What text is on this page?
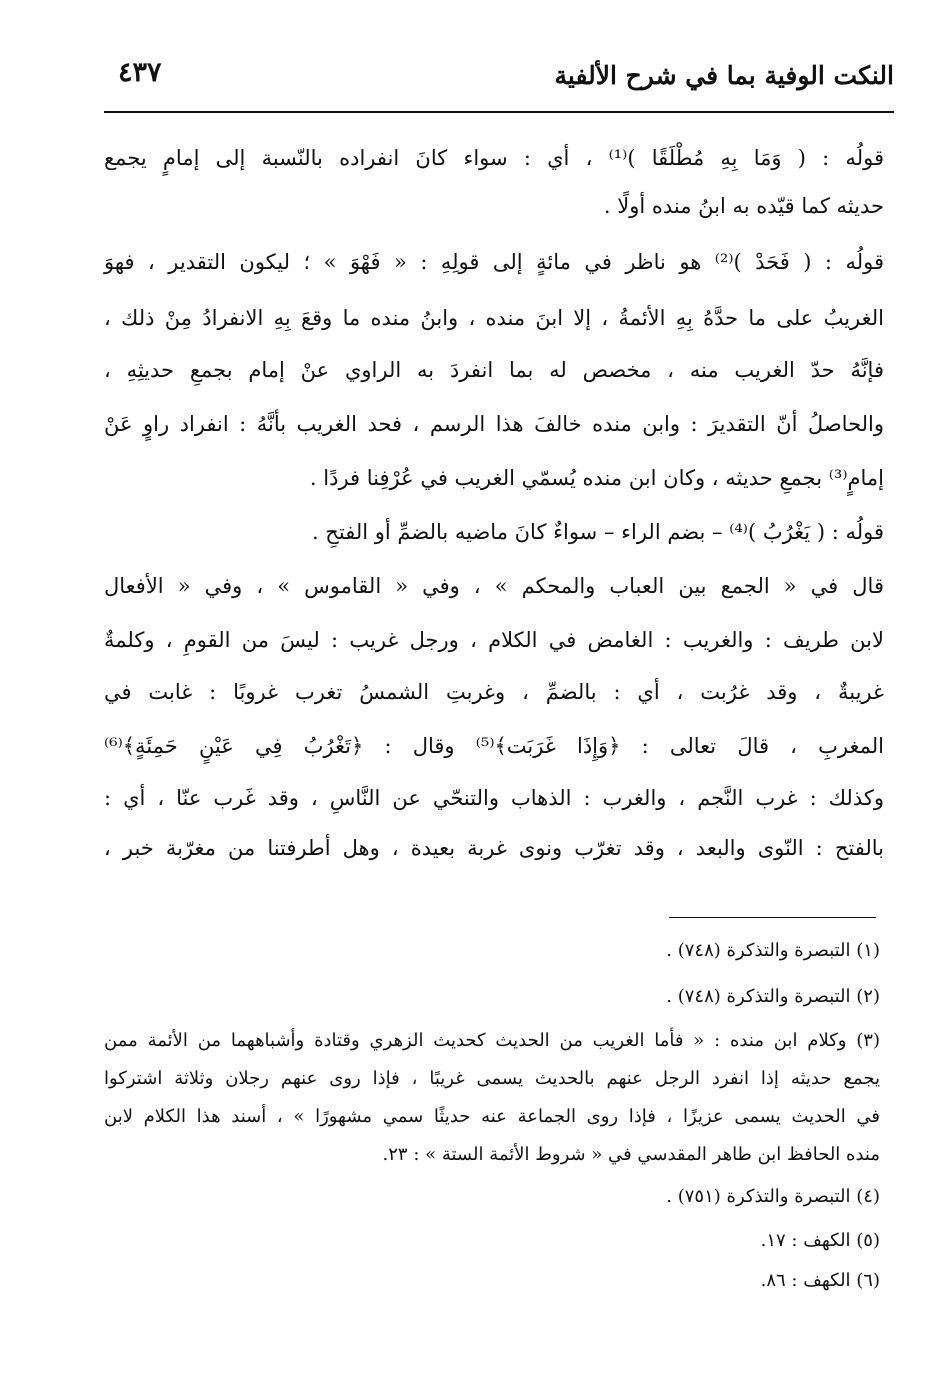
النكت الوفية بما في شرح الألفية
٤٣٧
قولُه : ( وَمَا بِهِ مُطْلَقًا )⁽¹⁾ ، أي : سواء كانَ انفراده بالنّسبة إلى إمامٍ يجمع
حديثه كما قيّده به ابنُ منده أولًا .
قولُه : ( فَحَدْ )⁽²⁾ هو ناظر في مائةٍ إلى قولِهِ : « فَهْوَ » ؛ ليكون التقدير ، فهوَ
الغريبُ على ما حدَّهُ بِهِ الأئمةُ ، إلا ابنَ منده ، وابنُ منده ما وقعَ بِهِ الانفرادُ مِنْ ذلك ،
فإنَّهُ حدّ الغريب منه ، مخصص له بما انفردَ به الراوي عنْ إمام بجمعِ حديثِهِ ،
والحاصلُ أنّ التقديرَ : وابن منده خالفَ هذا الرسم ، فحد الغريب بأنَّهُ : انفراد راوٍ عَنْ
إمامٍ⁽³⁾ بجمعِ حديثه ، وكان ابن منده يُسمّي الغريب في عُرْفِنا فردًا .
قولُه : ( يَغْرُبُ )⁽⁴⁾ – بضم الراء – سواءٌ كانَ ماضيه بالضمِّ أو الفتحِ .
قال في « الجمع بين العباب والمحكم » ، وفي « القاموس » ، وفي « الأفعال
لابن طريف : والغريب : الغامض في الكلام ، ورجل غريب : ليسَ من القومِ ، وكلمةٌ
غريبةٌ ، وقد غرُبت ، أي : بالضمِّ ، وغربتِ الشمسُ تغرب غروبًا : غابت في
المغربِ ، قالَ تعالى : ﴿وَإِذَا غَرَبَت﴾⁽⁵⁾ وقال : ﴿تَغْرُبُ فِي عَيْنٍ حَمِئَةٍ﴾⁽⁶⁾
وكذلك : غرب النَّجم ، والغرب : الذهاب والتنحّي عن النَّاسِ ، وقد غَرب عنّا ، أي :
بالفتح : النّوى والبعد ، وقد تغرّب ونوى غربة بعيدة ، وهل أطرفتنا من مغرّبة خبر ،
(١) التبصرة والتذكرة (٧٤٨) .
(٢) التبصرة والتذكرة (٧٤٨) .
(٣) وكلام ابن منده : « فأما الغريب من الحديث كحديث الزهري وقتادة وأشباههما من الأئمة ممن
يجمع حديثه إذا انفرد الرجل عنهم بالحديث يسمى غريبًا ، فإذا روى عنهم رجلان وثلاثة اشتركوا
في الحديث يسمى عزيزًا ، فإذا روى الجماعة عنه حديثًا سمي مشهورًا » ، أسند هذا الكلام لابن
منده الحافظ ابن طاهر المقدسي في « شروط الأئمة الستة » : ٢٣.
(٤) التبصرة والتذكرة (٧٥١) .
(٥) الكهف : ١٧.
(٦) الكهف : ٨٦.
